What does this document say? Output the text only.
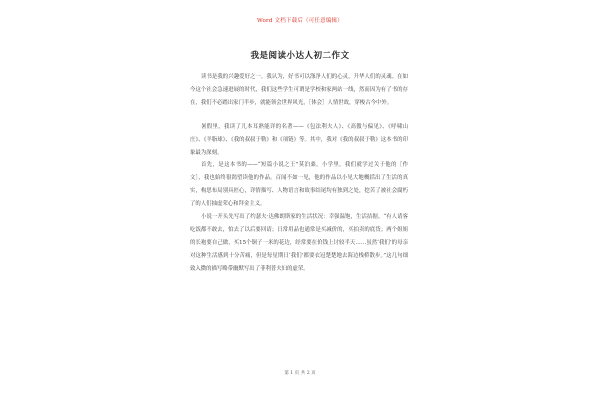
Word 文档下载后（可任意编辑）
我是阅读小达人初二作文

读书是我的兴趣爱好之一。我认为，好书可以涤净人们的心灵，升华人们的灵魂。在如今这个社会急速进展的时代，我们这些学生可谓是学校和家两站一线，然而因为有了书的存在，我们不必踏出家门半步，就能领会世界风光，［体会］人情世故，穿梭古今中外。

暑假里，我读了儿本耳熟能详的名著——《包法利夫人》、《高傲与偏见》、《呼啸山庄》、《羊脂球》、《我的叔叔于勒》和《项链》等。其中，我对《我的叔叔于勒》这本书的印象最为深刻。

首先，是这本书的——“短篇小说之王”莫泊桑。小学里，我们就学过关于他的［作文］，我也始终很渴望读他的作品。百闻不如一见，他的作品以小见大地概括出了生活的真实，构思布局别具匠心，详情描写、人物语言和故事结尾均有独到之处，挖苦了被社会腐朽了的人们抽虚荣心和拜金主义。

小说一开头先写出了约瑟夫·达佛朗斯家的生活状况：幸强温饱，生活拮据。“有人请客吃饭都不敢去，怕去了以后要回请；日常用品也通常是买减价的，买拍卖的底货；两个姐姐的长袍要自己做，买15个铜子一米的花边，经常要在价钱上讨较半天……虽然‘我们’的母亲对这种生活感到十分苦痛，但是每星期日‘我们’都要衣冠楚楚地去海边栈桥散步。”这几句细致入微的描写略带幽默写出了菲利普夫妇的虚荣。

第 1 页 共 2 页
